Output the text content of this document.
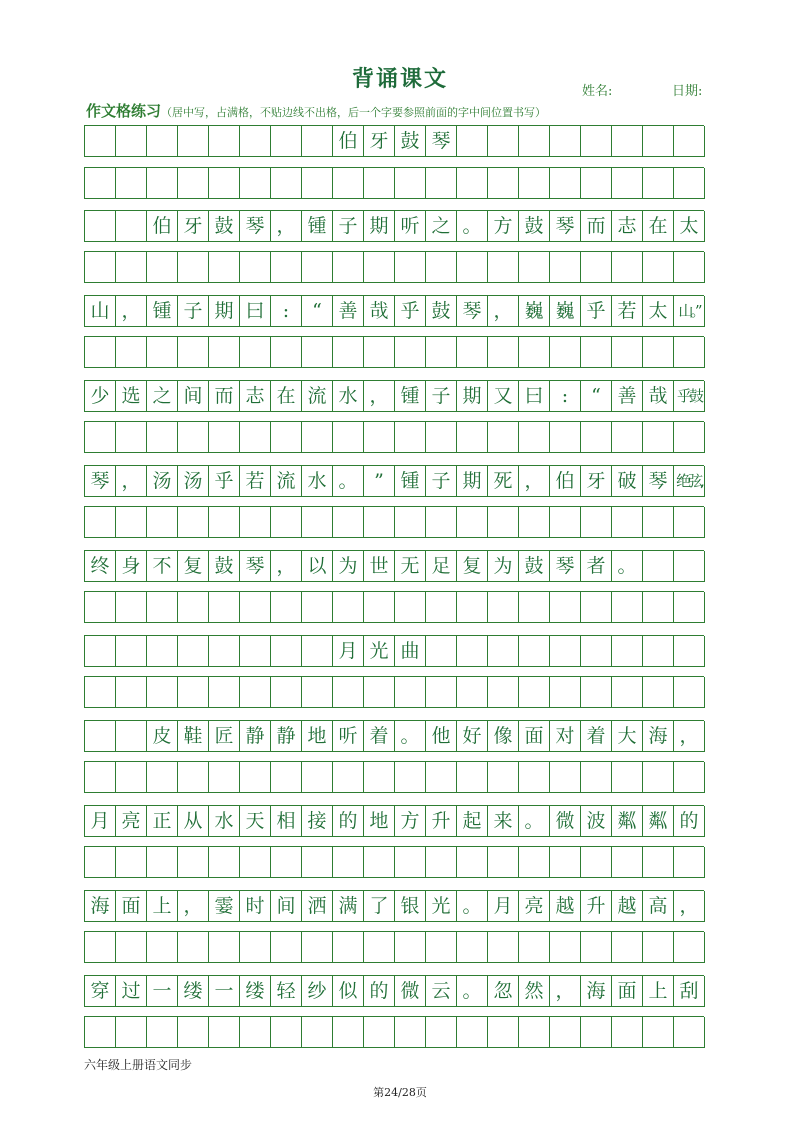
背诵课文	姓名:	日期:
作文格练习（居中写，占满格，不贴边线不出格，后一个字要参照前面的字中间位置书写）
伯 牙 鼓 琴
伯 牙 鼓 琴 ， 锺 子 期 听 之 。 方 鼓 琴 而 志 在 太
山 ， 锺 子 期 曰 :	“ 善 哉 乎 鼓 琴 ， 巍 巍 乎 若 太 山。”
少 选 之 间 而 志 在 流 水 ， 锺 子 期 又 曰 :	“ 善 哉 乎鼓
琴 ， 汤 汤 乎 若 流 水 。 ” 锺 子 期 死 ， 伯 牙 破 琴 绝弦,
终 身 不 复 鼓 琴 ， 以 为 世 无 足 复 为 鼓 琴 者 。
月 光 曲
皮 鞋 匠 静 静 地 听 着 。 他 好 像 面 对 着 大 海 ，
月 亮 正 从 水 天 相 接 的 地 方 升 起 来 。 微 波 粼 粼 的
海 面 上 ， 霎 时 间 洒 满 了 银 光 。 月 亮 越 升 越 高 ，
穿 过 一 缕 一 缕 轻 纱 似 的 微 云 。 忽 然 ， 海 面 上 刮
六年级上册语文同步
第24/28页
